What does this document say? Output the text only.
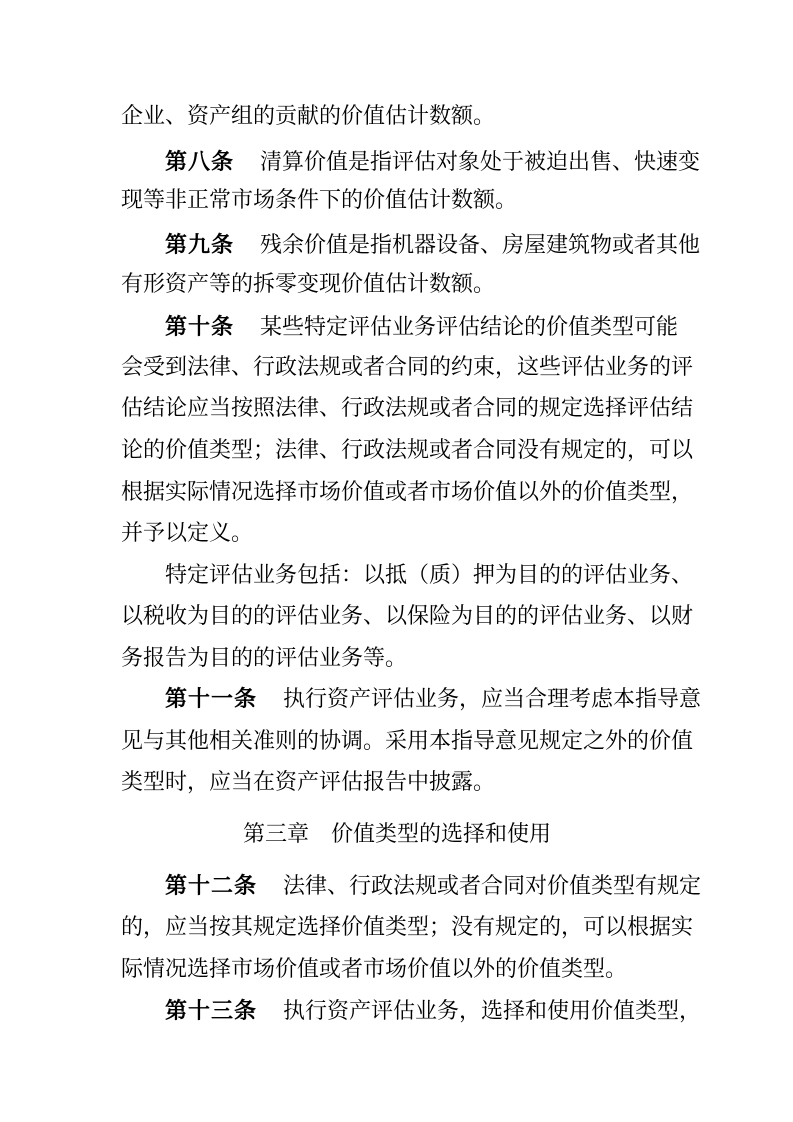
企业、资产组的贡献的价值估计数额。
第八条 清算价值是指评估对象处于被迫出售、快速变
现等非正常市场条件下的价值估计数额。
第九条 残余价值是指机器设备、房屋建筑物或者其他
有形资产等的拆零变现价值估计数额。
第十条 某些特定评估业务评估结论的价值类型可能
会受到法律、行政法规或者合同的约束，这些评估业务的评
估结论应当按照法律、行政法规或者合同的规定选择评估结
论的价值类型；法律、行政法规或者合同没有规定的，可以
根据实际情况选择市场价值或者市场价值以外的价值类型，
并予以定义。
特定评估业务包括：以抵（质）押为目的的评估业务、
以税收为目的的评估业务、以保险为目的的评估业务、以财
务报告为目的的评估业务等。
第十一条 执行资产评估业务，应当合理考虑本指导意
见与其他相关准则的协调。采用本指导意见规定之外的价值
类型时，应当在资产评估报告中披露。
第三章 价值类型的选择和使用
第十二条 法律、行政法规或者合同对价值类型有规定
的，应当按其规定选择价值类型；没有规定的，可以根据实
际情况选择市场价值或者市场价值以外的价值类型。
第十三条 执行资产评估业务，选择和使用价值类型，
